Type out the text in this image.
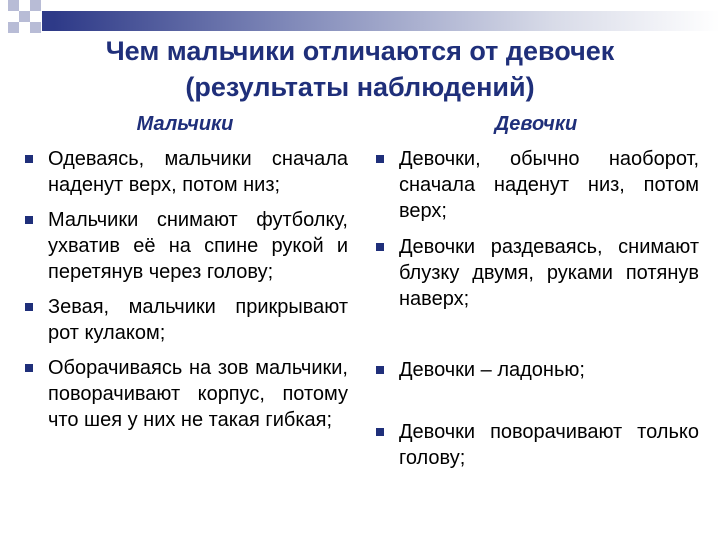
Чем мальчики отличаются от девочек
(результаты наблюдений)
Мальчики	Девочки
Одеваясь, мальчики сначала наденут верх, потом низ;
Мальчики снимают футболку, ухватив её на спине рукой и перетянув через голову;
Зевая, мальчики прикрывают рот кулаком;
Оборачиваясь на зов мальчики, поворачивают корпус, потому что шея у них не такая гибкая;
Девочки, обычно наоборот, сначала наденут низ, потом верх;
Девочки раздеваясь, снимают блузку двумя, руками потянув наверх;
Девочки – ладонью;
Девочки поворачивают только голову;
